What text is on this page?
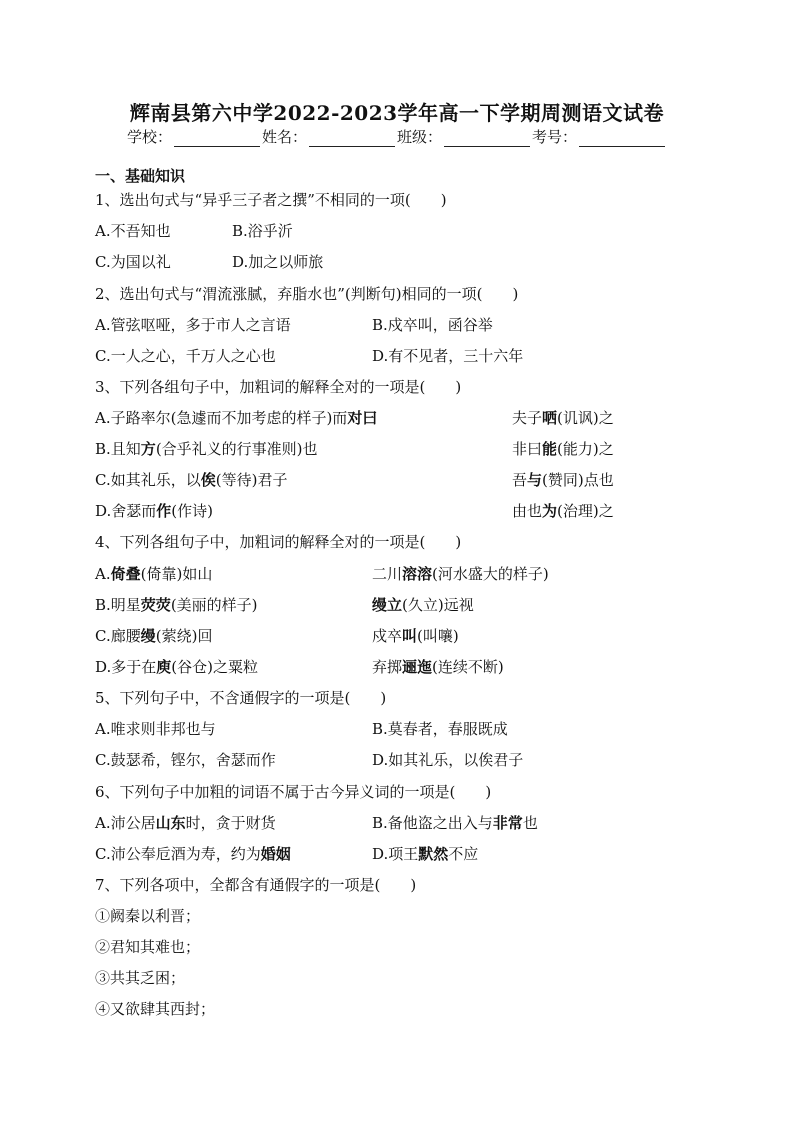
辉南县第六中学2022-2023学年高一下学期周测语文试卷
学校：	姓名：	班级：	考号：
一、基础知识
1、选出句式与“异乎三子者之撰”不相同的一项(　　)
A.不吾知也	B.浴乎沂
C.为国以礼	D.加之以师旅
2、选出句式与“渭流涨腻，弃脂水也”(判断句)相同的一项(　　)
A.管弦呕哑，多于市人之言语	B.戍卒叫，函谷举
C.一人之心，千万人之心也	D.有不见者，三十六年
3、下列各组句子中，加粗词的解释全对的一项是(　　)
A.子路率尔(急遽而不加考虑的样子)而对曰	夫子哂(讥讽)之
B.且知方(合乎礼义的行事准则)也	非曰能(能力)之
C.如其礼乐，以俟(等待)君子	吾与(赞同)点也
D.舍瑟而作(作诗)	由也为(治理)之
4、下列各组句子中，加粗词的解释全对的一项是(　　)
A.倚叠(倚靠)如山	二川溶溶(河水盛大的样子)
B.明星荧荧(美丽的样子)	缦立(久立)远视
C.廊腰缦(萦绕)回	戍卒叫(叫嚷)
D.多于在庾(谷仓)之粟粒	弃掷逦迤(连续不断)
5、下列句子中，不含通假字的一项是(　　)
A.唯求则非邦也与	B.莫春者，春服既成
C.鼓瑟希，铿尔，舍瑟而作	D.如其礼乐，以俟君子
6、下列句子中加粗的词语不属于古今异义词的一项是(　　)
A.沛公居山东时，贪于财货	B.备他盗之出入与非常也
C.沛公奉卮酒为寿，约为婚姻	D.项王默然不应
7、下列各项中，全都含有通假字的一项是(　　)
①阙秦以利晋；
②君知其难也；
③共其乏困；
④又欲肆其西封；
